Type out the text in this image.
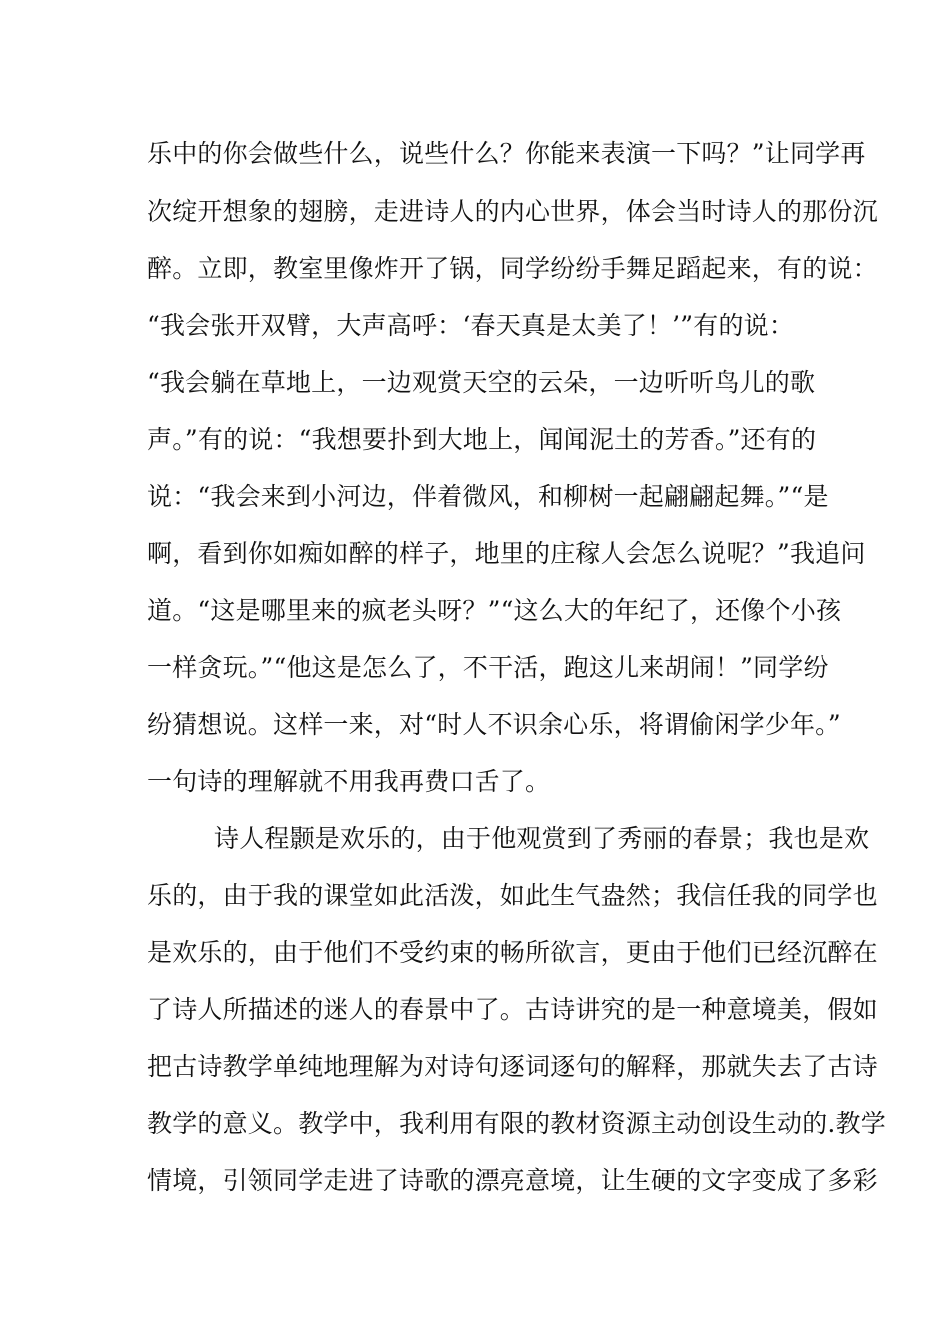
乐中的你会做些什么，说些什么？你能来表演一下吗？”让同学再
次绽开想象的翅膀，走进诗人的内心世界，体会当时诗人的那份沉
醉。立即，教室里像炸开了锅，同学纷纷手舞足蹈起来，有的说：
“我会张开双臂，大声高呼：‘春天真是太美了！’”有的说：
“我会躺在草地上，一边观赏天空的云朵，一边听听鸟儿的歌
声。”有的说：“我想要扑到大地上，闻闻泥土的芳香。”还有的
说：“我会来到小河边，伴着微风，和柳树一起翩翩起舞。”“是
啊，看到你如痴如醉的样子，地里的庄稼人会怎么说呢？”我追问
道。“这是哪里来的疯老头呀？”“这么大的年纪了，还像个小孩
一样贪玩。”“他这是怎么了，不干活，跑这儿来胡闹！”同学纷
纷猜想说。这样一来，对“时人不识余心乐，将谓偷闲学少年。”
一句诗的理解就不用我再费口舌了。
诗人程颢是欢乐的，由于他观赏到了秀丽的春景；我也是欢
乐的，由于我的课堂如此活泼，如此生气盎然；我信任我的同学也
是欢乐的，由于他们不受约束的畅所欲言，更由于他们已经沉醉在
了诗人所描述的迷人的春景中了。古诗讲究的是一种意境美，假如
把古诗教学单纯地理解为对诗句逐词逐句的解释，那就失去了古诗
教学的意义。教学中，我利用有限的教材资源主动创设生动的.教学
情境，引领同学走进了诗歌的漂亮意境，让生硬的文字变成了多彩
